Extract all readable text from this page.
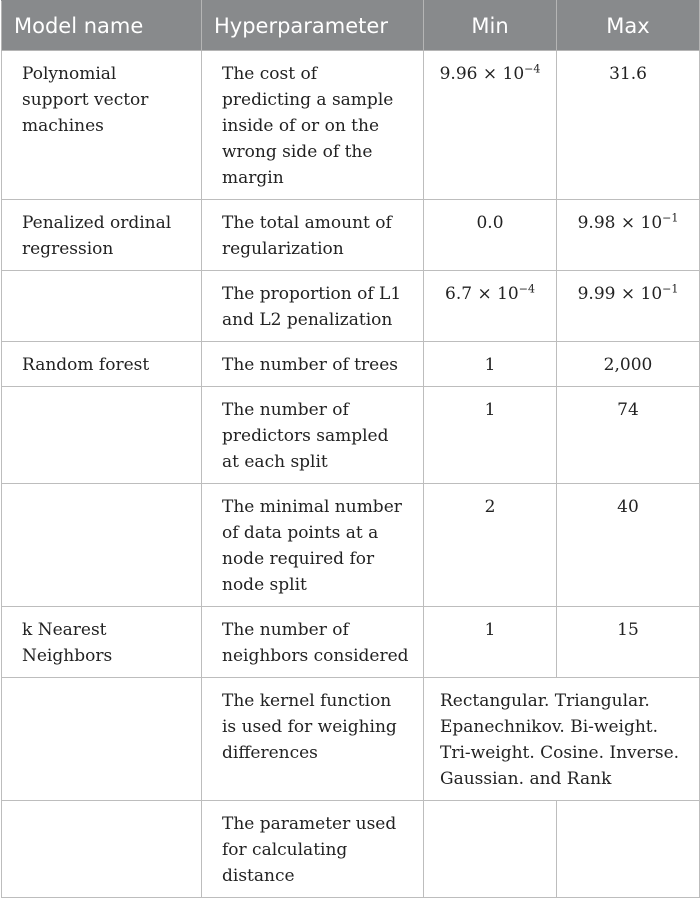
Model name	Hyperparameter	Min	Max
Polynomial support vector machines	The cost of predicting a sample inside of or on the wrong side of the margin	$9.96 \times 10^{-4}$	31.6
Penalized ordinal regression	The total amount of regularization	0.0	$9.98 \times 10^{-1}$
	The proportion of L1 and L2 penalization	$6.7 \times 10^{-4}$	$9.99 \times 10^{-1}$
Random forest	The number of trees	1	2,000
	The number of predictors sampled at each split	1	74
	The minimal number of data points at a node required for node split	2	40
k Nearest Neighbors	The number of neighbors considered	1	15
	The kernel function is used for weighing differences	Rectangular. Triangular. Epanechnikov. Bi-weight. Tri-weight. Cosine. Inverse. Gaussian. and Rank	
	The parameter used for calculating distance		
